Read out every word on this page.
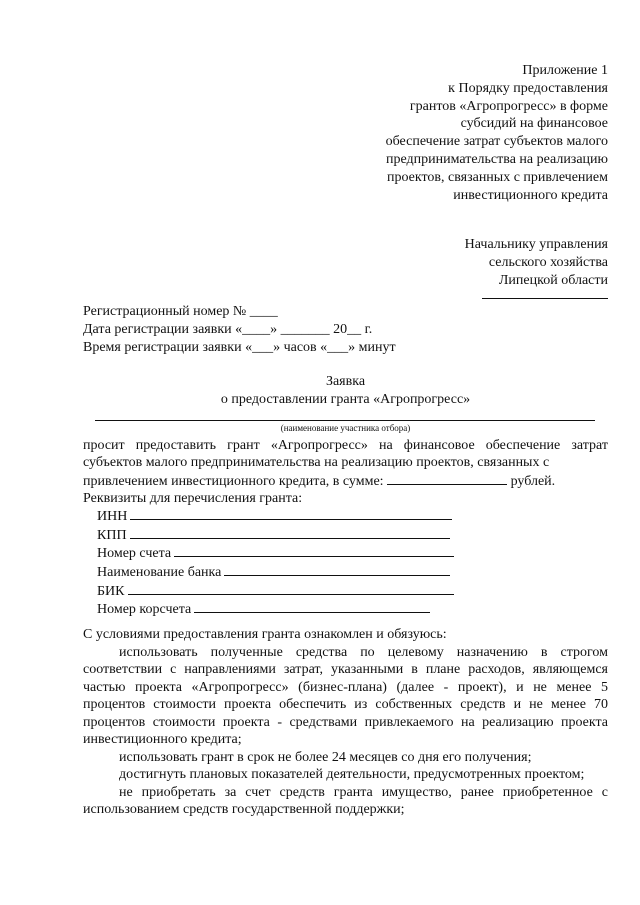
Приложение 1
к Порядку предоставления
грантов «Агропрогресс» в форме
субсидий на финансовое
обеспечение затрат субъектов малого
предпринимательства на реализацию
проектов, связанных с привлечением
инвестиционного кредита
Начальнику управления
сельского хозяйства
Липецкой области
Регистрационный номер № ____
Дата регистрации заявки «____» _______ 20__ г.
Время регистрации заявки «___» часов «___» минут
Заявка
о предоставлении гранта «Агропрогресс»
(наименование участника отбора)
просит предоставить грант «Агропрогресс» на финансовое обеспечение затрат
субъектов малого предпринимательства на реализацию проектов, связанных с
привлечением инвестиционного кредита, в сумме:	рублей.
Реквизиты для перечисления гранта:
ИНН
КПП
Номер счета
Наименование банка
БИК
Номер корсчета

С условиями предоставления гранта ознакомлен и обязуюсь:

использовать полученные средства по целевому назначению в строгом соответствии с направлениями затрат, указанными в плане расходов, являющемся частью проекта «Агропрогресс» (бизнес-плана) (далее - проект), и не менее 5 процентов стоимости проекта обеспечить из собственных средств и не менее 70 процентов стоимости проекта - средствами привлекаемого на реализацию проекта инвестиционного кредита;

использовать грант в срок не более 24 месяцев со дня его получения;

достигнуть плановых показателей деятельности, предусмотренных проектом;

не приобретать за счет средств гранта имущество, ранее приобретенное с использованием средств государственной поддержки;
